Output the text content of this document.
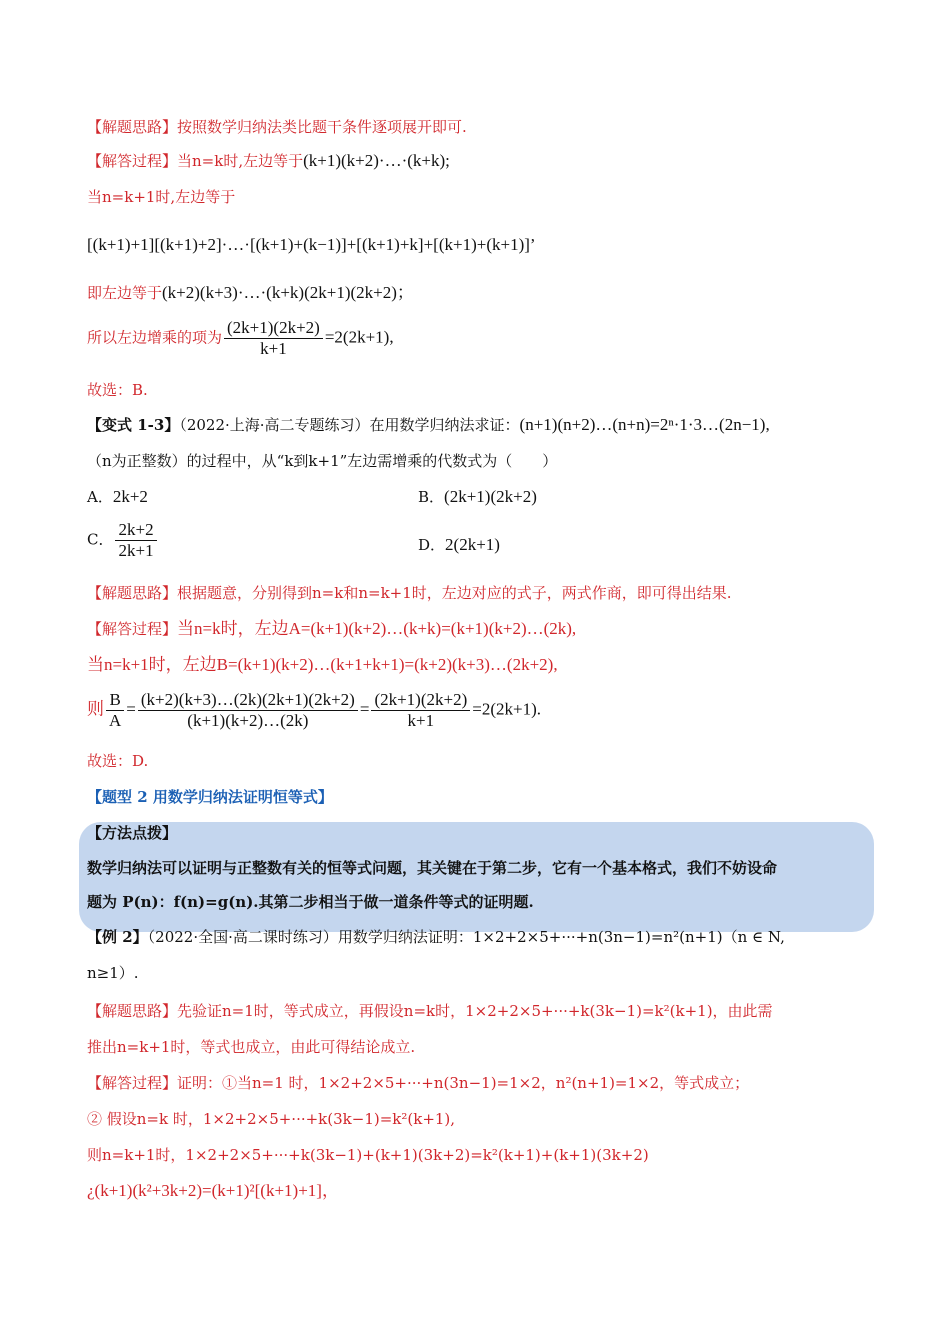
【解题思路】按照数学归纳法类比题干条件逐项展开即可.
【解答过程】当n=k时,左边等于(k+1)(k+2)·…·(k+k);
当n=k+1时,左边等于
[(k+1)+1][(k+1)+2]·…·[(k+1)+(k−1)]+[(k+1)+k]+[(k+1)+(k+1)]’
即左边等于(k+2)(k+3)·…·(k+k)(2k+1)(2k+2)；
所以左边增乘的项为 $\frac{(2k+1)(2k+2)}{k+1} =2(2k+1)$,
故选：B.
【变式 1-3】（2022·上海·高二专题练习）在用数学归纳法求证：(n+1)(n+2)…(n+n)=2ⁿ·1·3…(2n−1),
（n为正整数）的过程中，从“k到k+1”左边需增乘的代数式为（　　）
A．2k+2	B．(2k+1)(2k+2)
C． $\frac{2k+2}{2k+1}$	D．2(2k+1)
【解题思路】根据题意，分别得到n=k和n=k+1时，左边对应的式子，两式作商，即可得出结果.
【解答过程】当n=k时，左边A=(k+1)(k+2)…(k+k)=(k+1)(k+2)…(2k),
当n=k+1时，左边B=(k+1)(k+2)…(k+1+k+1)=(k+2)(k+3)…(2k+2),
则 $\frac{B}{A} = \frac{(k+2)(k+3)\dots(2k)(2k+1)(2k+2)}{(k+1)(k+2)\dots(2k)} = \frac{(2k+1)(2k+2)}{k+1} =2(2k+1)$.
故选：D.
【题型 2 用数学归纳法证明恒等式】
【方法点拨】
数学归纳法可以证明与正整数有关的恒等式问题，其关键在于第二步，它有一个基本格式，我们不妨设命
题为 P(n)：f(n)=g(n).其第二步相当于做一道条件等式的证明题.
【例 2】（2022·全国·高二课时练习）用数学归纳法证明：1×2+2×5+···+n(3n−1)=n²(n+1)（n ∈ N,
n≥1）.
【解题思路】先验证n=1时，等式成立，再假设n=k时，1×2+2×5+···+k(3k−1)=k²(k+1)，由此需
推出n=k+1时，等式也成立，由此可得结论成立.
【解答过程】证明：①当n=1 时，1×2+2×5+···+n(3n−1)=1×2，n²(n+1)=1×2，等式成立；
② 假设n=k 时，1×2+2×5+···+k(3k−1)=k²(k+1),
则n=k+1时，1×2+2×5+···+k(3k−1)+(k+1)(3k+2)=k²(k+1)+(k+1)(3k+2)
¿(k+1)(k²+3k+2)=(k+1)²[(k+1)+1]，
